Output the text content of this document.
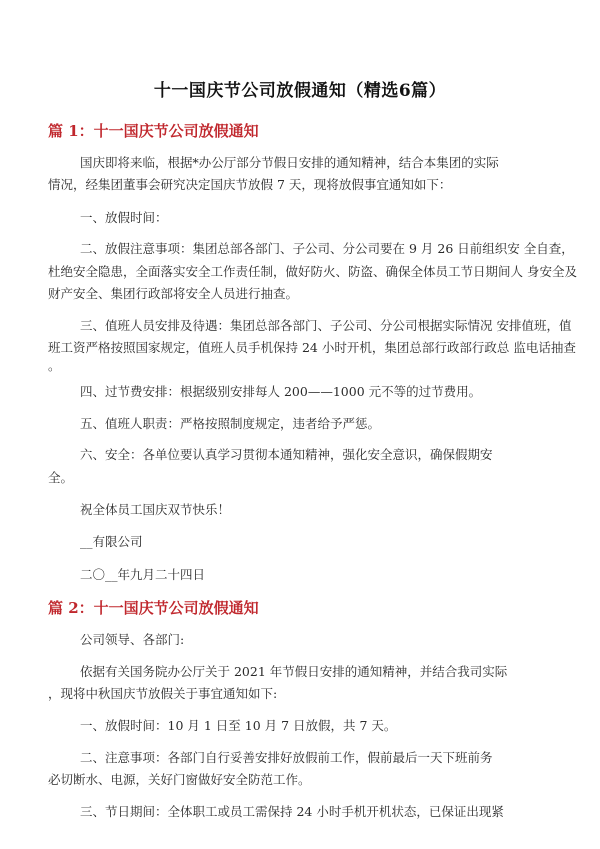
十一国庆节公司放假通知（精选6篇）
篇 1：十一国庆节公司放假通知
国庆即将来临，根据*办公厅部分节假日安排的通知精神，结合本集团的实际
情况，经集团董事会研究决定国庆节放假 7 天，现将放假事宜通知如下：
一、放假时间：
二、放假注意事项：集团总部各部门、子公司、分公司要在 9 月 26 日前组织安 全自查，
杜绝安全隐患，全面落实安全工作责任制，做好防火、防盗、确保全体员工节日期间人 身安全及
财产安全、集团行政部将安全人员进行抽查。
三、值班人员安排及待遇：集团总部各部门、子公司、分公司根据实际情况 安排值班，值
班工资严格按照国家规定，值班人员手机保持 24 小时开机，集团总部行政部行政总 监电话抽查
。
四、过节费安排：根据级别安排每人 200——1000 元不等的过节费用。
五、值班人职责：严格按照制度规定，违者给予严惩。
六、安全：各单位要认真学习贯彻本通知精神，强化安全意识，确保假期安
全。
祝全体员工国庆双节快乐！
__有限公司
二〇__年九月二十四日
篇 2：十一国庆节公司放假通知
公司领导、各部门:
依据有关国务院办公厅关于 2021 年节假日安排的通知精神，并结合我司实际
，现将中秋国庆节放假关于事宜通知如下:
一、放假时间：10 月 1 日至 10 月 7 日放假，共 7 天。
二、注意事项：各部门自行妥善安排好放假前工作，假前最后一天下班前务
必切断水、电源，关好门窗做好安全防范工作。
三、节日期间：全体职工或员工需保持 24 小时手机开机状态，已保证出现紧
